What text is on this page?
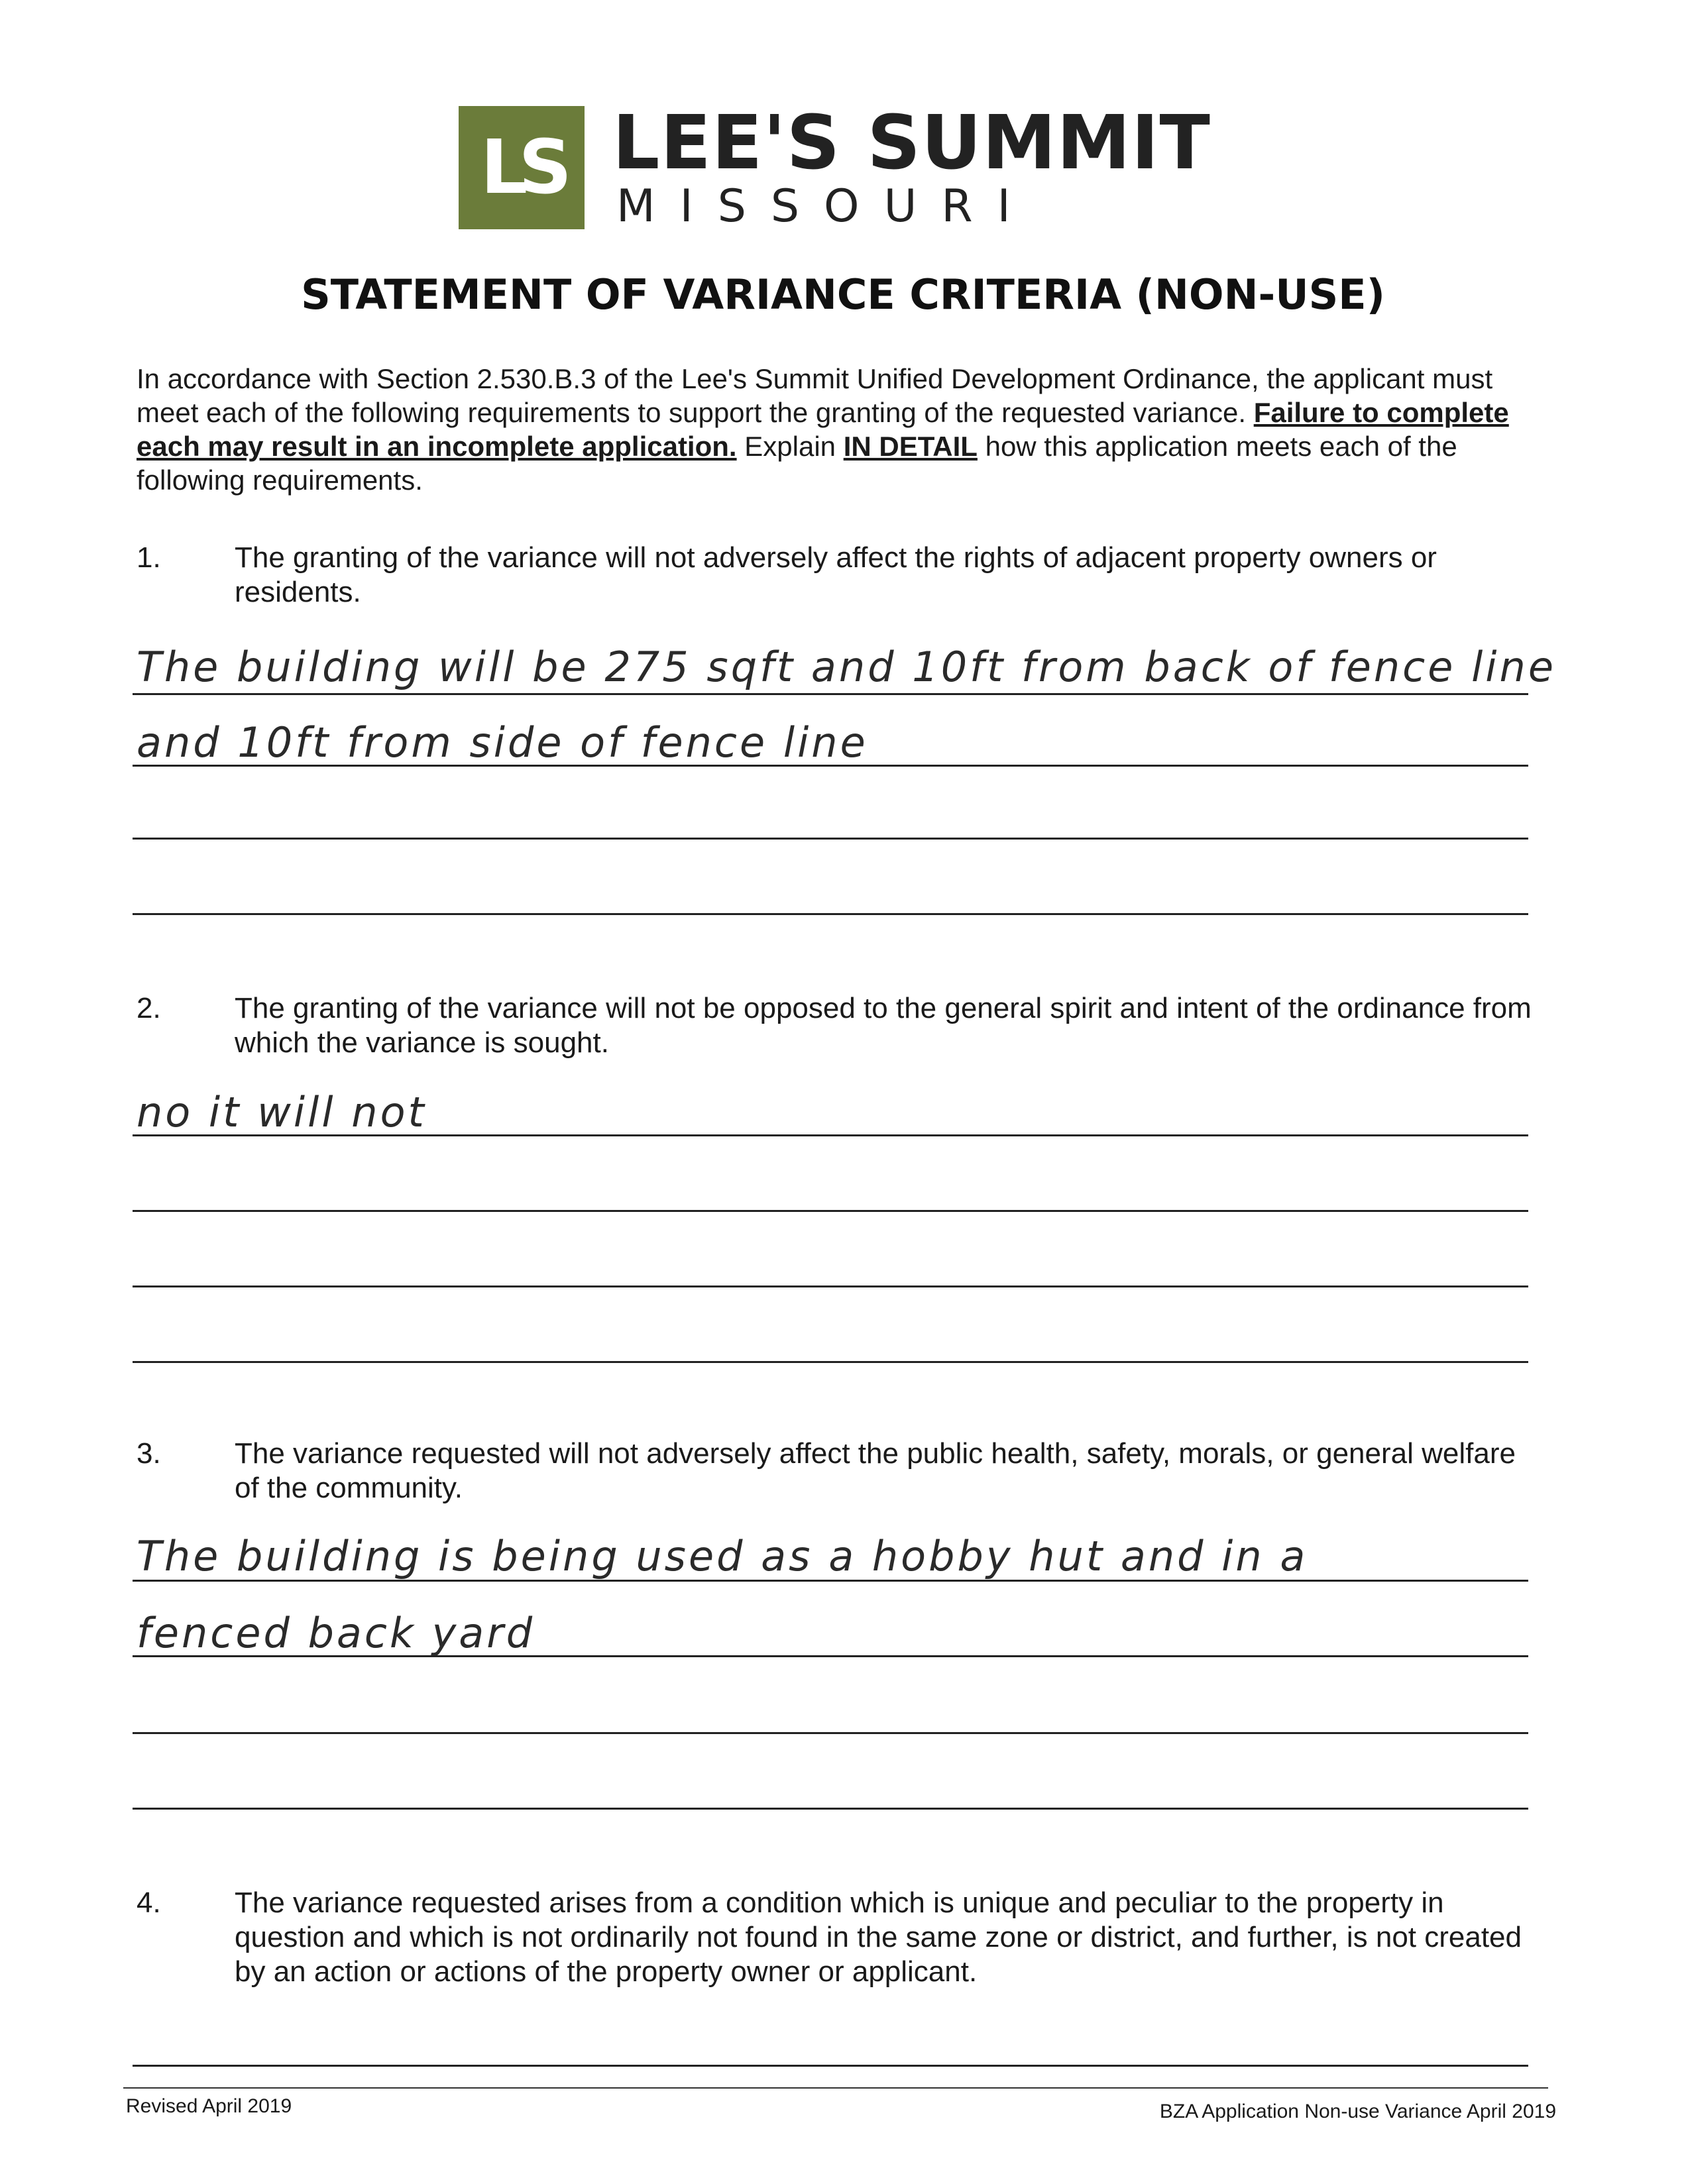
LS LEE'S SUMMIT
MISSOURI
STATEMENT OF VARIANCE CRITERIA (NON-USE)
In accordance with Section 2.530.B.3 of the Lee's Summit Unified Development Ordinance, the applicant must meet each of the following requirements to support the granting of the requested variance. Failure to complete each may result in an incomplete application. Explain IN DETAIL how this application meets each of the following requirements.
1.	The granting of the variance will not adversely affect the rights of adjacent property owners or residents.
The building will be 275 sqft and 10ft from back of fence line
and 10ft from side of fence line
2.	The granting of the variance will not be opposed to the general spirit and intent of the ordinance from which the variance is sought.
no it will not
3.	The variance requested will not adversely affect the public health, safety, morals, or general welfare of the community.
The building is being used as a hobby hut and in a
fenced back yard
4.	The variance requested arises from a condition which is unique and peculiar to the property in question and which is not ordinarily not found in the same zone or district, and further, is not created by an action or actions of the property owner or applicant.
Revised April 2019	BZA Application Non-use Variance April 2019
